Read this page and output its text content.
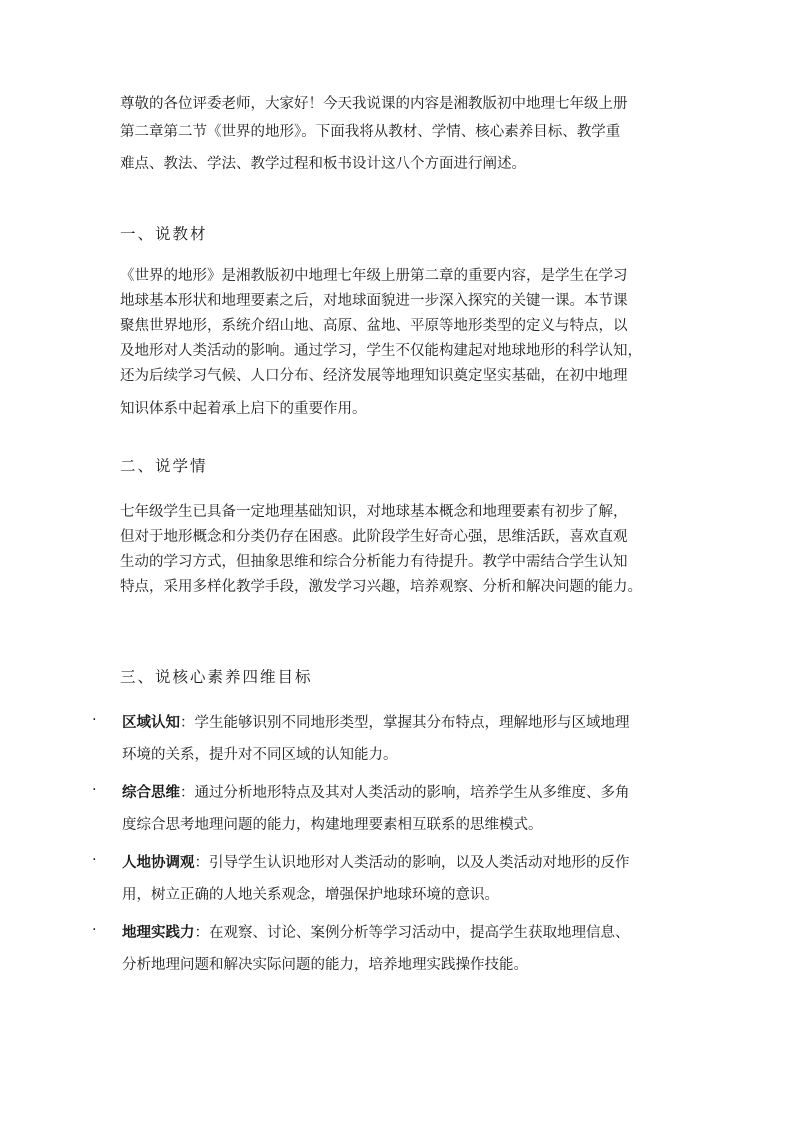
尊敬的各位评委老师，大家好！今天我说课的内容是湘教版初中地理七年级上册
第二章第二节《世界的地形》。下面我将从教材、学情、核心素养目标、教学重
难点、教法、学法、教学过程和板书设计这八个方面进行阐述。
一、说教材
《世界的地形》是湘教版初中地理七年级上册第二章的重要内容，是学生在学习
地球基本形状和地理要素之后，对地球面貌进一步深入探究的关键一课。本节课
聚焦世界地形，系统介绍山地、高原、盆地、平原等地形类型的定义与特点，以
及地形对人类活动的影响。通过学习，学生不仅能构建起对地球地形的科学认知，
还为后续学习气候、人口分布、经济发展等地理知识奠定坚实基础，在初中地理
知识体系中起着承上启下的重要作用。
二、说学情
七年级学生已具备一定地理基础知识，对地球基本概念和地理要素有初步了解，
但对于地形概念和分类仍存在困惑。此阶段学生好奇心强，思维活跃，喜欢直观
生动的学习方式，但抽象思维和综合分析能力有待提升。教学中需结合学生认知
特点，采用多样化教学手段，激发学习兴趣，培养观察、分析和解决问题的能力。
三、说核心素养四维目标
.	区域认知：学生能够识别不同地形类型，掌握其分布特点，理解地形与区域地理
环境的关系，提升对不同区域的认知能力。
.	综合思维：通过分析地形特点及其对人类活动的影响，培养学生从多维度、多角
度综合思考地理问题的能力，构建地理要素相互联系的思维模式。
.	人地协调观：引导学生认识地形对人类活动的影响，以及人类活动对地形的反作
用，树立正确的人地关系观念，增强保护地球环境的意识。
.	地理实践力：在观察、讨论、案例分析等学习活动中，提高学生获取地理信息、
分析地理问题和解决实际问题的能力，培养地理实践操作技能。
